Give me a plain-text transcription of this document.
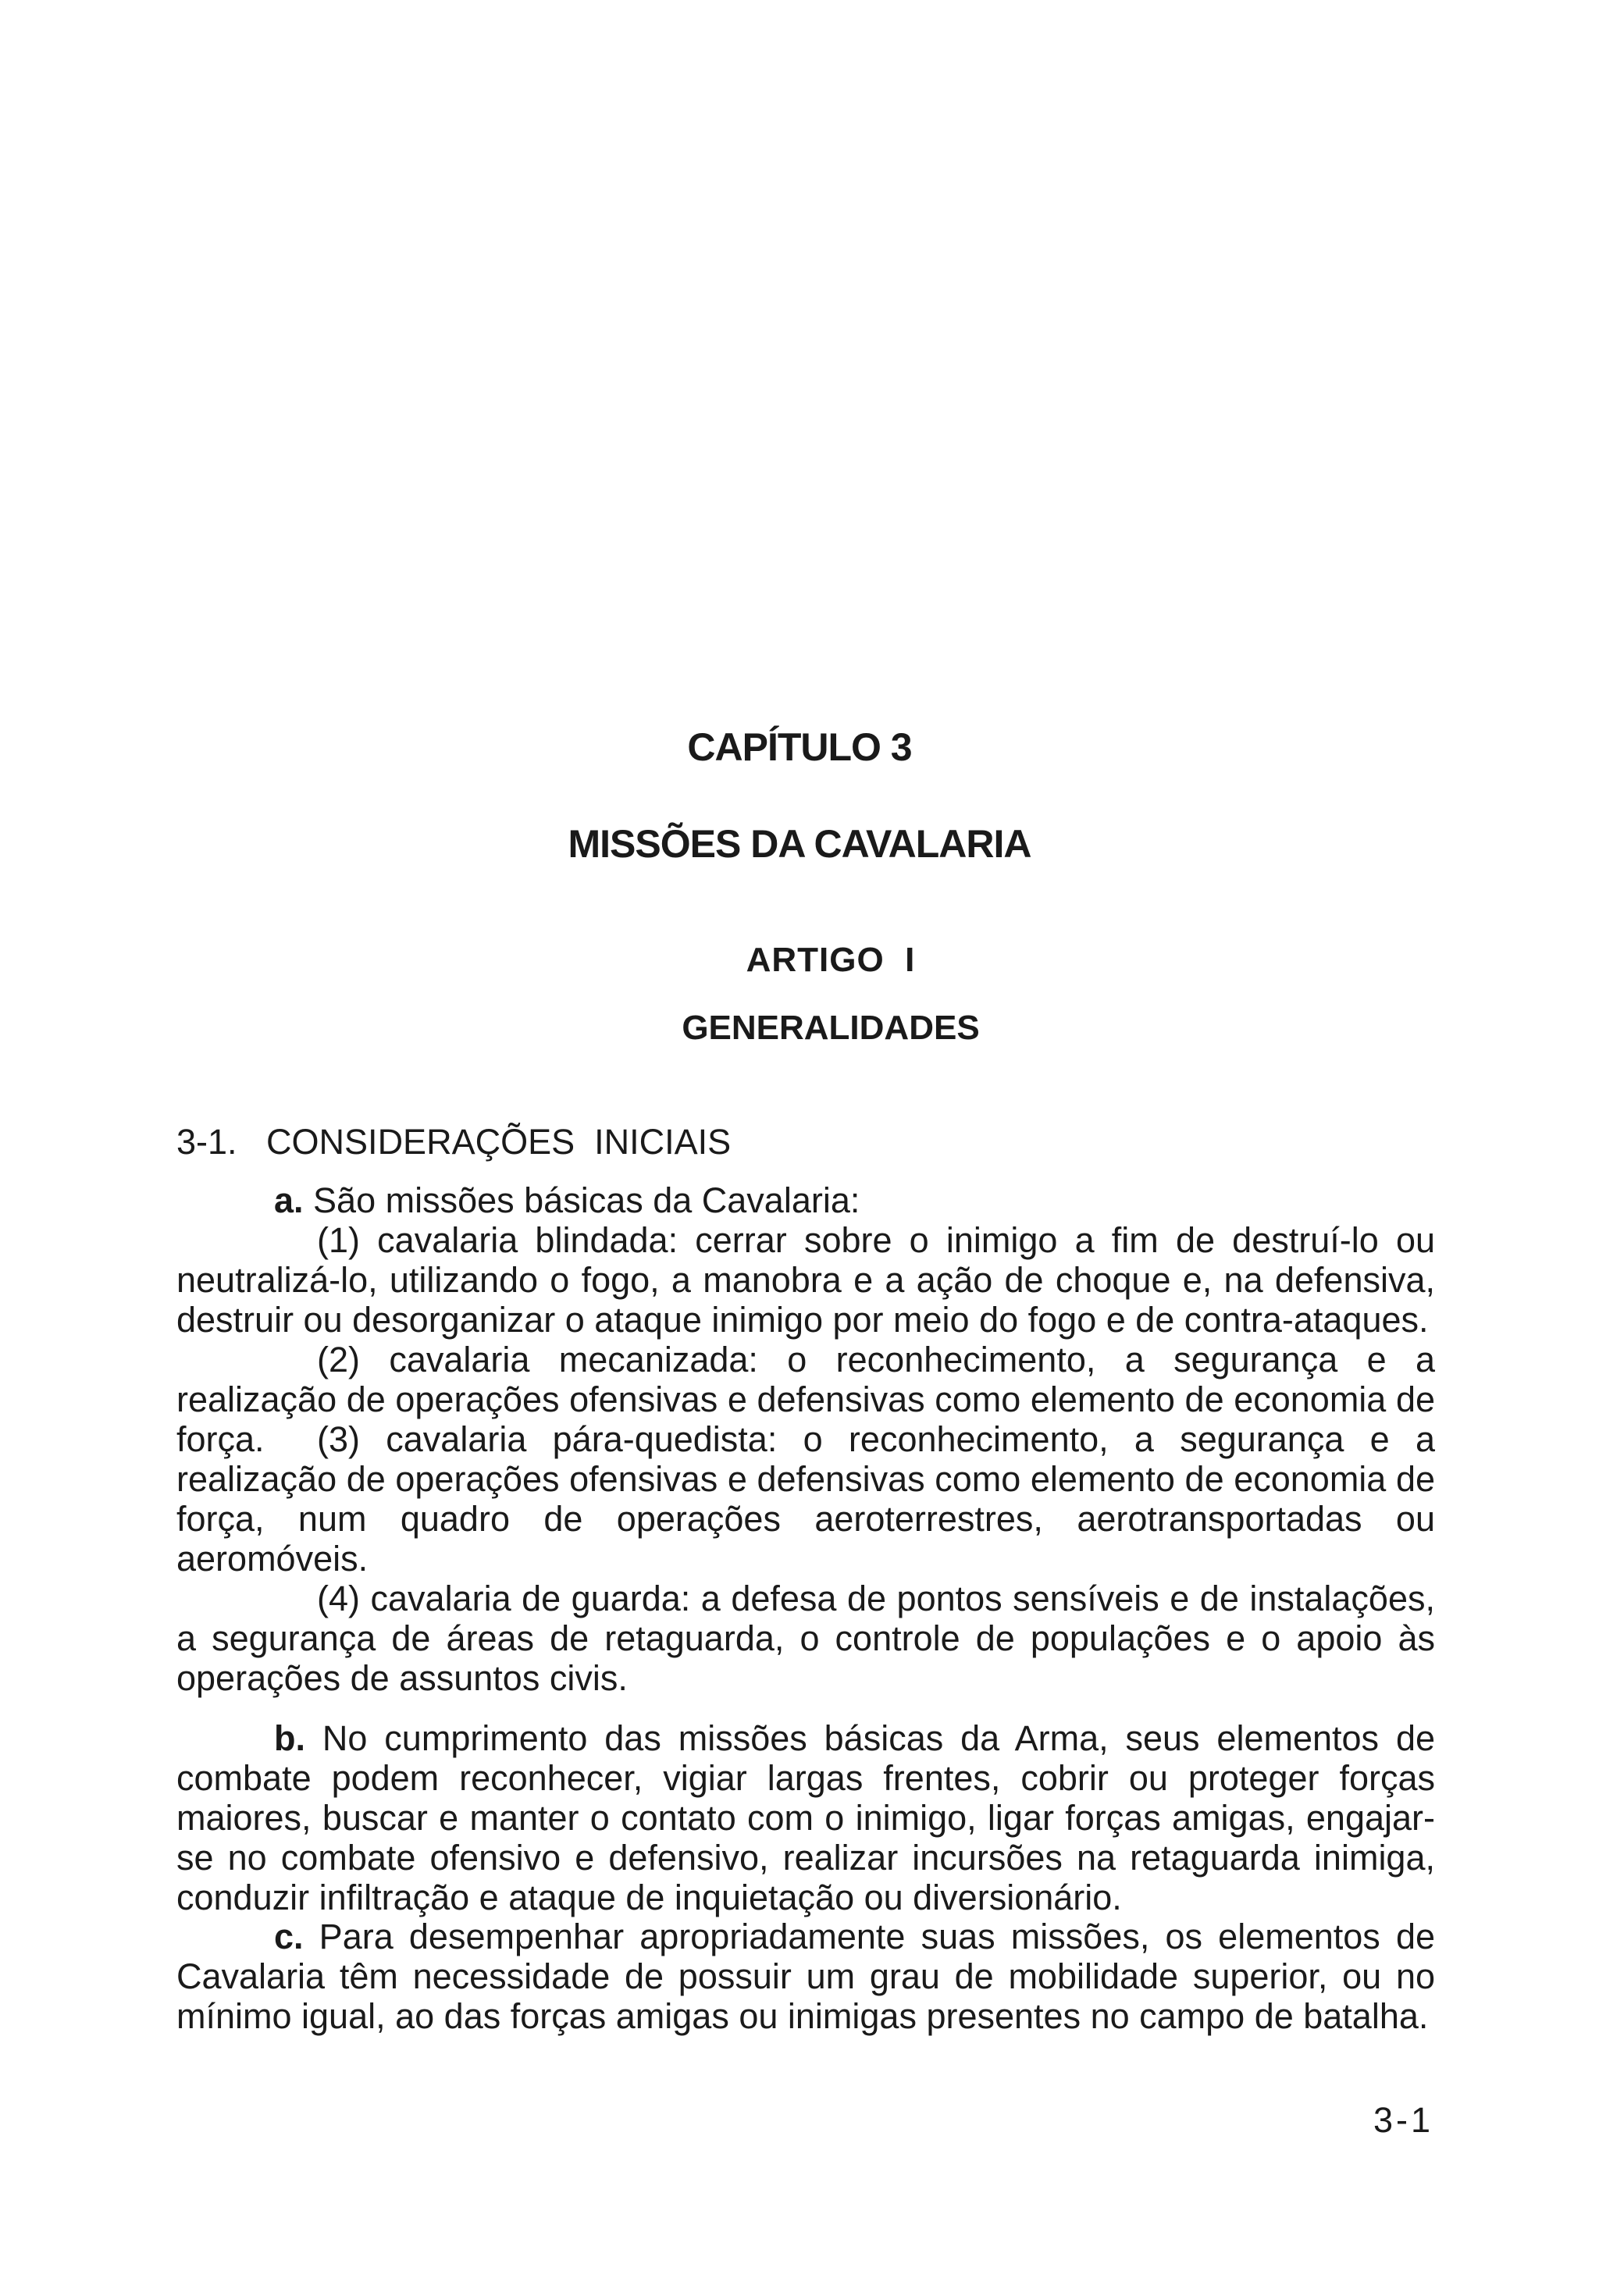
CAPÍTULO 3
MISSÕES DA CAVALARIA
ARTIGO  I
GENERALIDADES

3-1.   CONSIDERAÇÕES  INICIAIS

a. São missões básicas da Cavalaria:

(1) cavalaria blindada: cerrar sobre o inimigo a fim de destruí-lo ou neutralizá-lo, utilizando o fogo, a manobra e a ação de choque e, na defensiva, destruir ou desorganizar o ataque inimigo por meio do fogo e de contra-ataques.

(2) cavalaria mecanizada: o reconhecimento, a segurança e a realização de operações ofensivas e defensivas como elemento de economia de força.	(3) cavalaria pára-quedista: o reconhecimento, a segurança e a realização de operações ofensivas e defensivas como elemento de economia de força, num quadro de operações aeroterrestres, aerotransportadas ou aeromóveis.

(4) cavalaria de guarda: a defesa de pontos sensíveis e de instalações, a segurança de áreas de retaguarda, o controle de populações e o apoio às operações de assuntos civis.

b. No cumprimento das missões básicas da Arma, seus elementos de combate podem reconhecer, vigiar largas frentes, cobrir ou proteger forças maiores, buscar e manter o contato com o inimigo, ligar forças amigas, engajar-se no combate ofensivo e defensivo, realizar incursões na retaguarda inimiga, conduzir infiltração e ataque de inquietação ou diversionário.

c. Para desempenhar apropriadamente suas missões, os elementos de Cavalaria têm necessidade de possuir um grau de mobilidade superior, ou no mínimo igual, ao das forças amigas ou inimigas presentes no campo de batalha.

3-1
